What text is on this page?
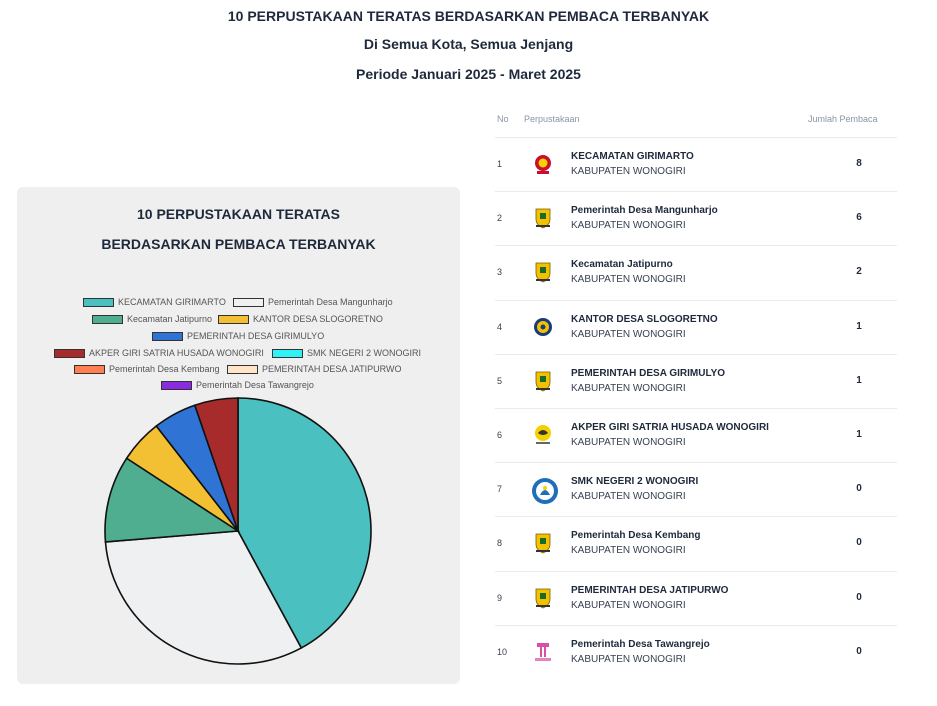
10 PERPUSTAKAAN TERATAS BERDASARKAN PEMBACA TERBANYAK
Di Semua Kota, Semua Jenjang
Periode Januari 2025 - Maret 2025
10 PERPUSTAKAAN TERATAS
BERDASARKAN PEMBACA TERBANYAK
KECAMATAN GIRIMARTO	Pemerintah Desa Mangunharjo
Kecamatan Jatipurno	KANTOR DESA SLOGORETNO
PEMERINTAH DESA GIRIMULYO
AKPER GIRI SATRIA HUSADA WONOGIRI	SMK NEGERI 2 WONOGIRI
Pemerintah Desa Kembang	PEMERINTAH DESA JATIPURWO
Pemerintah Desa Tawangrejo
No Perpustakaan	Jumlah Pembaca
1
KECAMATAN GIRIMARTO
KABUPATEN WONOGIRI
8
2
Pemerintah Desa Mangunharjo
KABUPATEN WONOGIRI
6
3
Kecamatan Jatipurno
KABUPATEN WONOGIRI
2
4
KANTOR DESA SLOGORETNO
KABUPATEN WONOGIRI
1
5
PEMERINTAH DESA GIRIMULYO
KABUPATEN WONOGIRI
1
6
AKPER GIRI SATRIA HUSADA WONOGIRI
KABUPATEN WONOGIRI
1
7
SMK NEGERI 2 WONOGIRI
KABUPATEN WONOGIRI
0
8
Pemerintah Desa Kembang
KABUPATEN WONOGIRI
0
9
PEMERINTAH DESA JATIPURWO
KABUPATEN WONOGIRI
0
10
Pemerintah Desa Tawangrejo
KABUPATEN WONOGIRI
0
